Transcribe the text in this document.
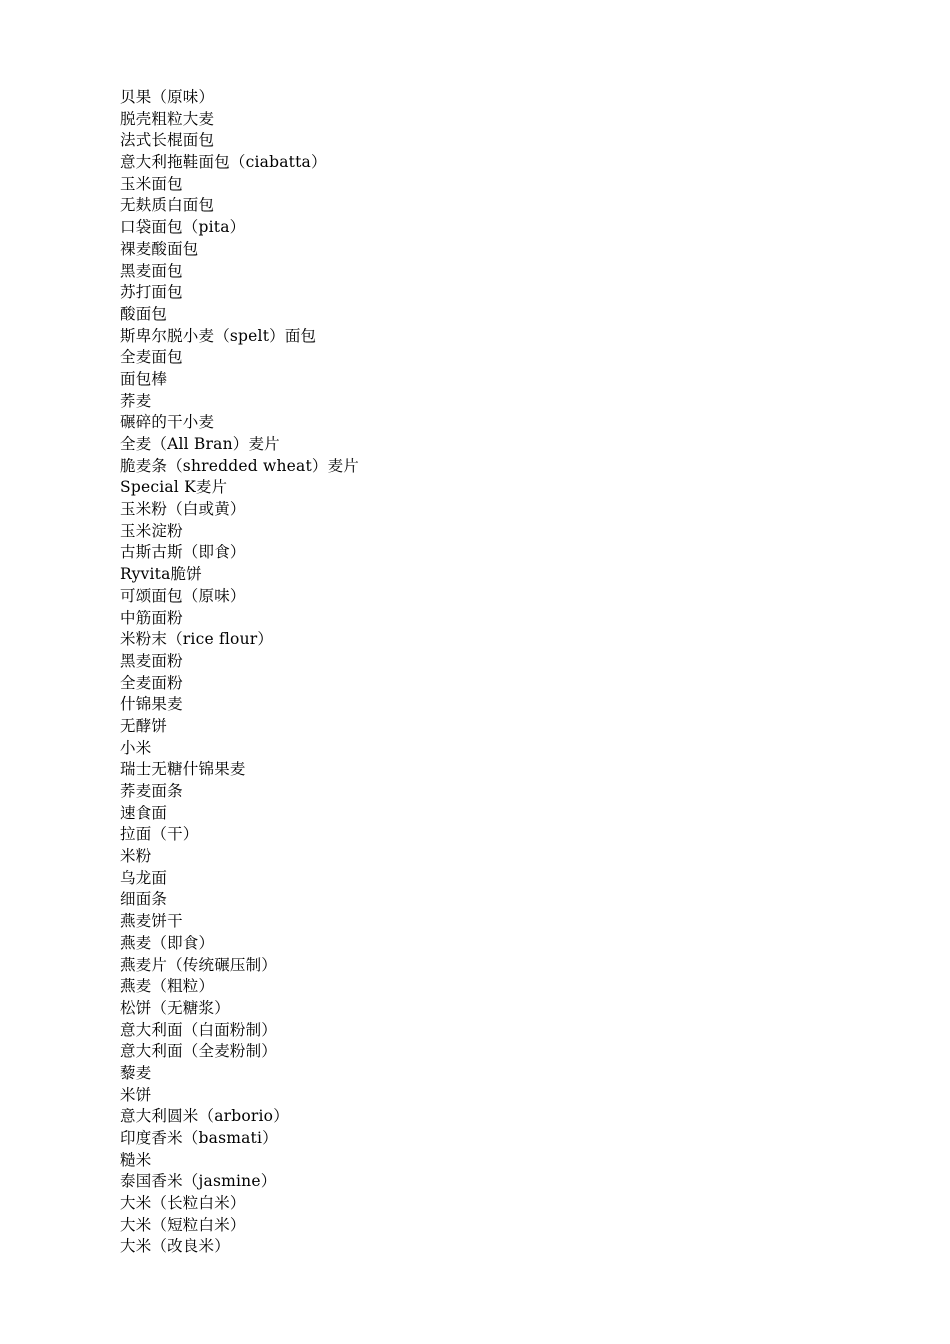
贝果（原味）
脱壳粗粒大麦
法式长棍面包
意大利拖鞋面包（ciabatta）
玉米面包
无麸质白面包
口袋面包（pita）
裸麦酸面包
黑麦面包
苏打面包
酸面包
斯卑尔脱小麦（spelt）面包
全麦面包
面包棒
荞麦
碾碎的干小麦
全麦（All Bran）麦片
脆麦条（shredded wheat）麦片
Special K麦片
玉米粉（白或黄）
玉米淀粉
古斯古斯（即食）
Ryvita脆饼
可颂面包（原味）
中筋面粉
米粉末（rice flour）
黑麦面粉
全麦面粉
什锦果麦
无酵饼
小米
瑞士无糖什锦果麦
荞麦面条
速食面
拉面（干）
米粉
乌龙面
细面条
燕麦饼干
燕麦（即食）
燕麦片（传统碾压制）
燕麦（粗粒）
松饼（无糖浆）
意大利面（白面粉制）
意大利面（全麦粉制）
藜麦
米饼
意大利圆米（arborio）
印度香米（basmati）
糙米
泰国香米（jasmine）
大米（长粒白米）
大米（短粒白米）
大米（改良米）
